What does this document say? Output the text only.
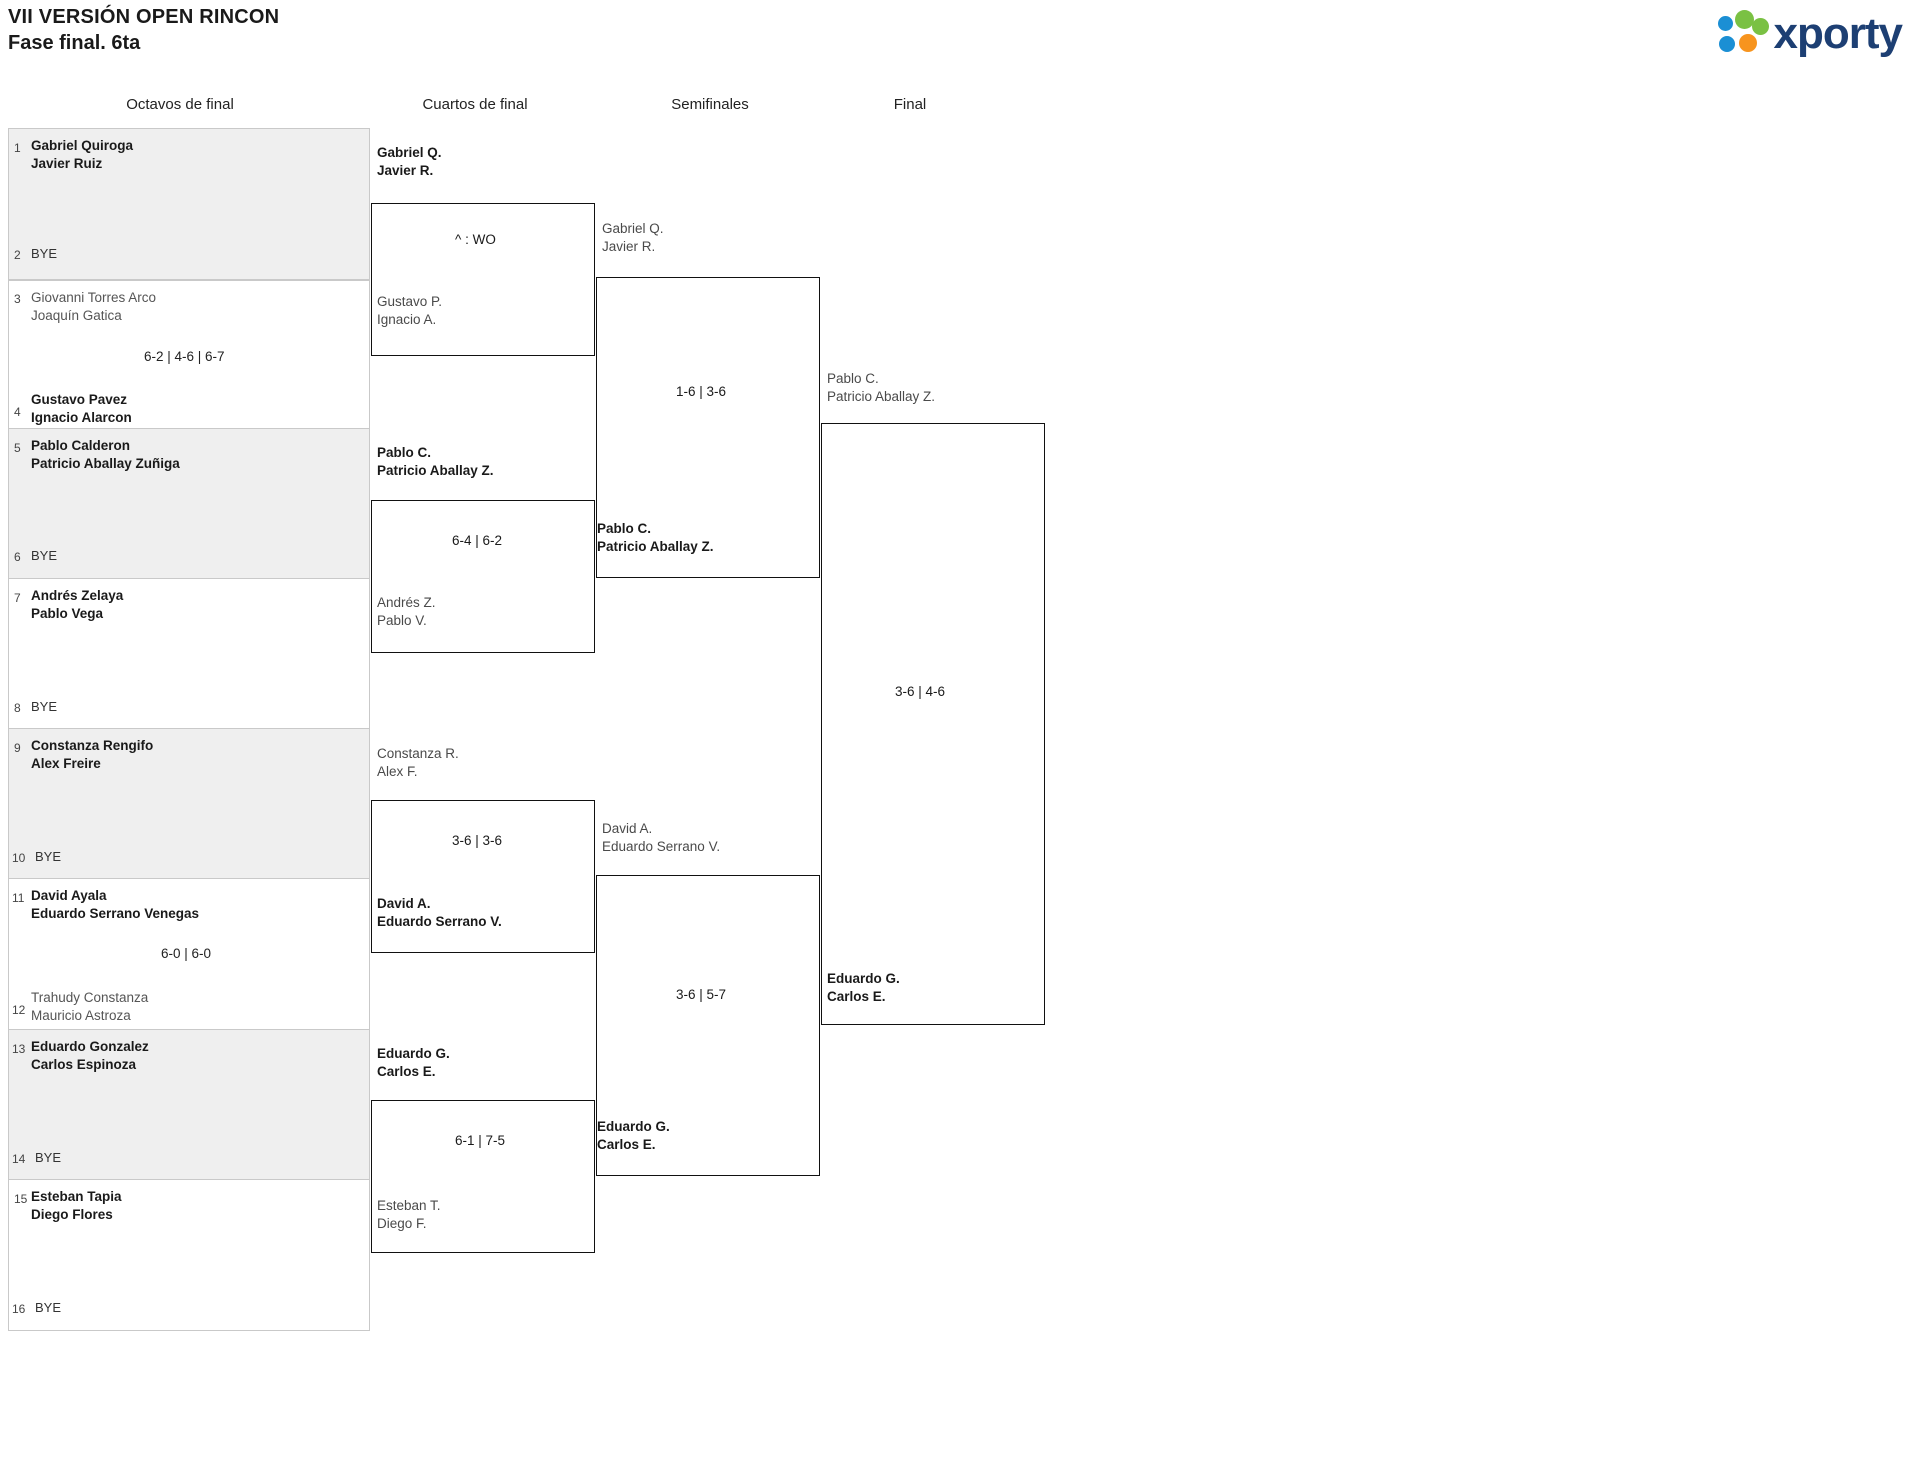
VII VERSIÓN OPEN RINCON
Fase final. 6ta	xporty
Octavos de final	Cuartos de final	Semifinales	Final
1 Gabriel Quiroga
Javier Ruiz
2 BYE
3 Giovanni Torres Arco
Joaquín Gatica
6-2 | 4-6 | 6-7
4
Gustavo Pavez
Ignacio Alarcon
5 Pablo Calderon
Patricio Aballay Zuñiga
6 BYE
7 Andrés Zelaya
Pablo Vega
8 BYE
9 Constanza Rengifo
Alex Freire
10 BYE
11 David Ayala
Eduardo Serrano Venegas
6-0 | 6-0
12
Trahudy Constanza
Mauricio Astroza
13 Eduardo Gonzalez
Carlos Espinoza
14 BYE
15 Esteban Tapia
Diego Flores
16 BYE
Gabriel Q.
Javier R.
^ : WO
Gustavo P.
Ignacio A.
Pablo C.
Patricio Aballay Z.
6-4 | 6-2
Andrés Z.
Pablo V.
Constanza R.
Alex F.
3-6 | 3-6
David A.
Eduardo Serrano V.
Eduardo G.
Carlos E.
6-1 | 7-5
Esteban T.
Diego F.
Gabriel Q.
Javier R.
1-6 | 3-6
Pablo C.
Patricio Aballay Z.
David A.
Eduardo Serrano V.
3-6 | 5-7
Eduardo G.
Carlos E.
Pablo C.
Patricio Aballay Z.
3-6 | 4-6
Eduardo G.
Carlos E.
